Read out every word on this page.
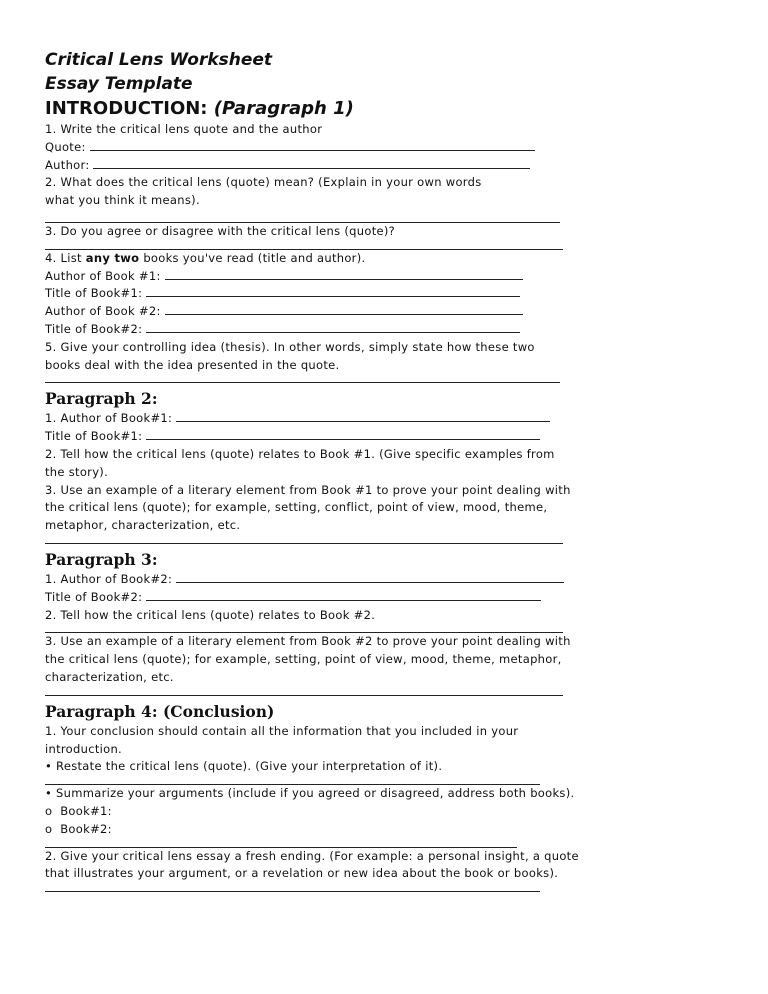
Critical Lens Worksheet
Essay Template
INTRODUCTION: (Paragraph 1)
1. Write the critical lens quote and the author
Quote:
Author:
2. What does the critical lens (quote) mean? (Explain in your own words
what you think it means).
3. Do you agree or disagree with the critical lens (quote)?
4. List any two books you've read (title and author).
Author of Book #1:
Title of Book#1:
Author of Book #2:
Title of Book#2:
5. Give your controlling idea (thesis). In other words, simply state how these two
books deal with the idea presented in the quote.
Paragraph 2:
1. Author of Book#1:
Title of Book#1:
2. Tell how the critical lens (quote) relates to Book #1. (Give specific examples from
the story).
3. Use an example of a literary element from Book #1 to prove your point dealing with
the critical lens (quote); for example, setting, conflict, point of view, mood, theme,
metaphor, characterization, etc.
Paragraph 3:
1. Author of Book#2:
Title of Book#2:
2. Tell how the critical lens (quote) relates to Book #2.
3. Use an example of a literary element from Book #2 to prove your point dealing with
the critical lens (quote); for example, setting, point of view, mood, theme, metaphor,
characterization, etc.
Paragraph 4: (Conclusion)
1. Your conclusion should contain all the information that you included in your
introduction.
• Restate the critical lens (quote). (Give your interpretation of it).
• Summarize your arguments (include if you agreed or disagreed, address both books).
o  Book#1:
o  Book#2:
2. Give your critical lens essay a fresh ending. (For example: a personal insight, a quote
that illustrates your argument, or a revelation or new idea about the book or books).
